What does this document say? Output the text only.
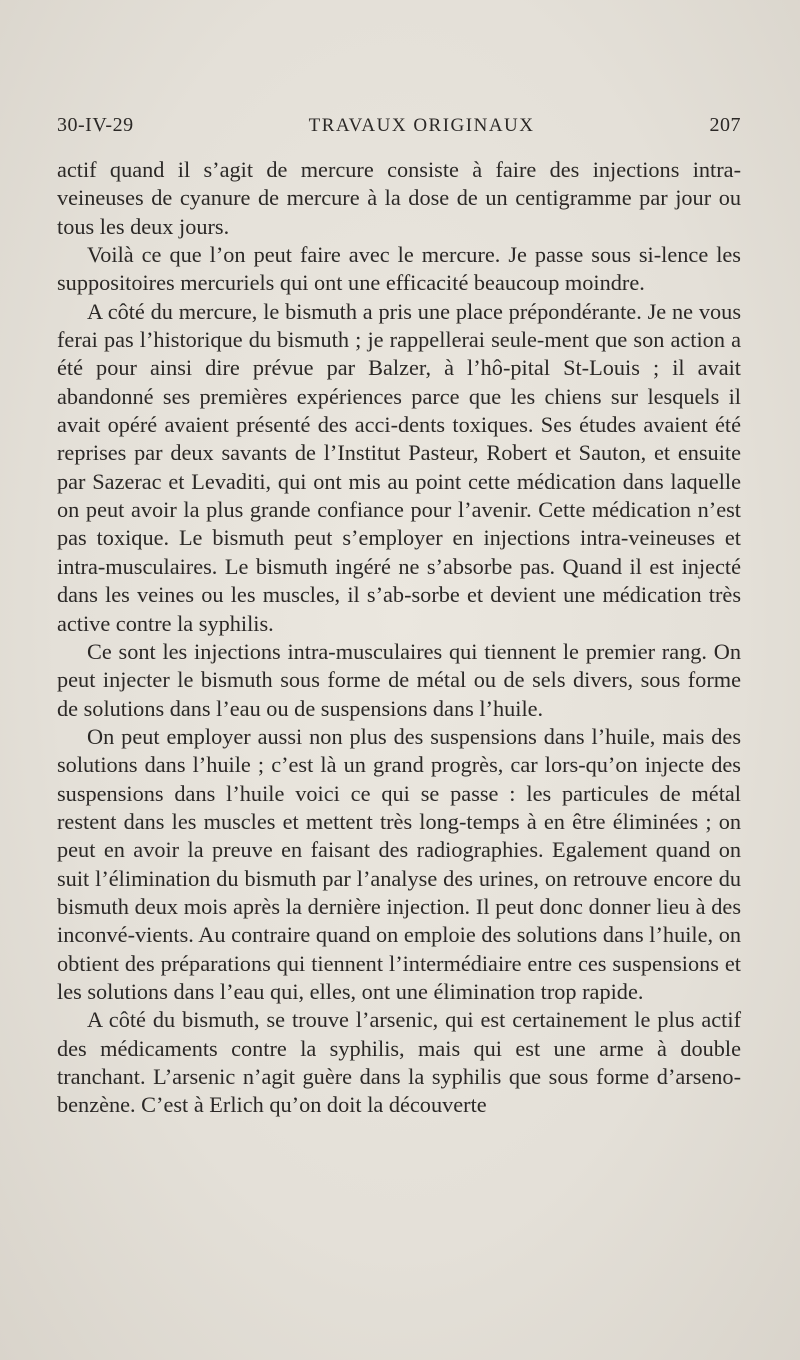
30-IV-29	TRAVAUX ORIGINAUX	207

actif quand il s’agit de mercure consiste à faire des injections intra-veineuses de cyanure de mercure à la dose de un centigramme par jour ou tous les deux jours.

Voilà ce que l’on peut faire avec le mercure. Je passe sous si-lence les suppositoires mercuriels qui ont une efficacité beaucoup moindre.

A côté du mercure, le bismuth a pris une place prépondérante. Je ne vous ferai pas l’historique du bismuth ; je rappellerai seule-ment que son action a été pour ainsi dire prévue par Balzer, à l’hô-pital St-Louis ; il avait abandonné ses premières expériences parce que les chiens sur lesquels il avait opéré avaient présenté des acci-dents toxiques. Ses études avaient été reprises par deux savants de l’Institut Pasteur, Robert et Sauton, et ensuite par Sazerac et Levaditi, qui ont mis au point cette médication dans laquelle on peut avoir la plus grande confiance pour l’avenir. Cette médication n’est pas toxique. Le bismuth peut s’employer en injections intra-veineuses et intra-musculaires. Le bismuth ingéré ne s’absorbe pas. Quand il est injecté dans les veines ou les muscles, il s’ab-sorbe et devient une médication très active contre la syphilis.

Ce sont les injections intra-musculaires qui tiennent le premier rang. On peut injecter le bismuth sous forme de métal ou de sels divers, sous forme de solutions dans l’eau ou de suspensions dans l’huile.

On peut employer aussi non plus des suspensions dans l’huile, mais des solutions dans l’huile ; c’est là un grand progrès, car lors-qu’on injecte des suspensions dans l’huile voici ce qui se passe : les particules de métal restent dans les muscles et mettent très long-temps à en être éliminées ; on peut en avoir la preuve en faisant des radiographies. Egalement quand on suit l’élimination du bismuth par l’analyse des urines, on retrouve encore du bismuth deux mois après la dernière injection. Il peut donc donner lieu à des inconvé-vients. Au contraire quand on emploie des solutions dans l’huile, on obtient des préparations qui tiennent l’intermédiaire entre ces suspensions et les solutions dans l’eau qui, elles, ont une élimination trop rapide.

A côté du bismuth, se trouve l’arsenic, qui est certainement le plus actif des médicaments contre la syphilis, mais qui est une arme à double tranchant. L’arsenic n’agit guère dans la syphilis que sous forme d’arseno-benzène. C’est à Erlich qu’on doit la découverte
